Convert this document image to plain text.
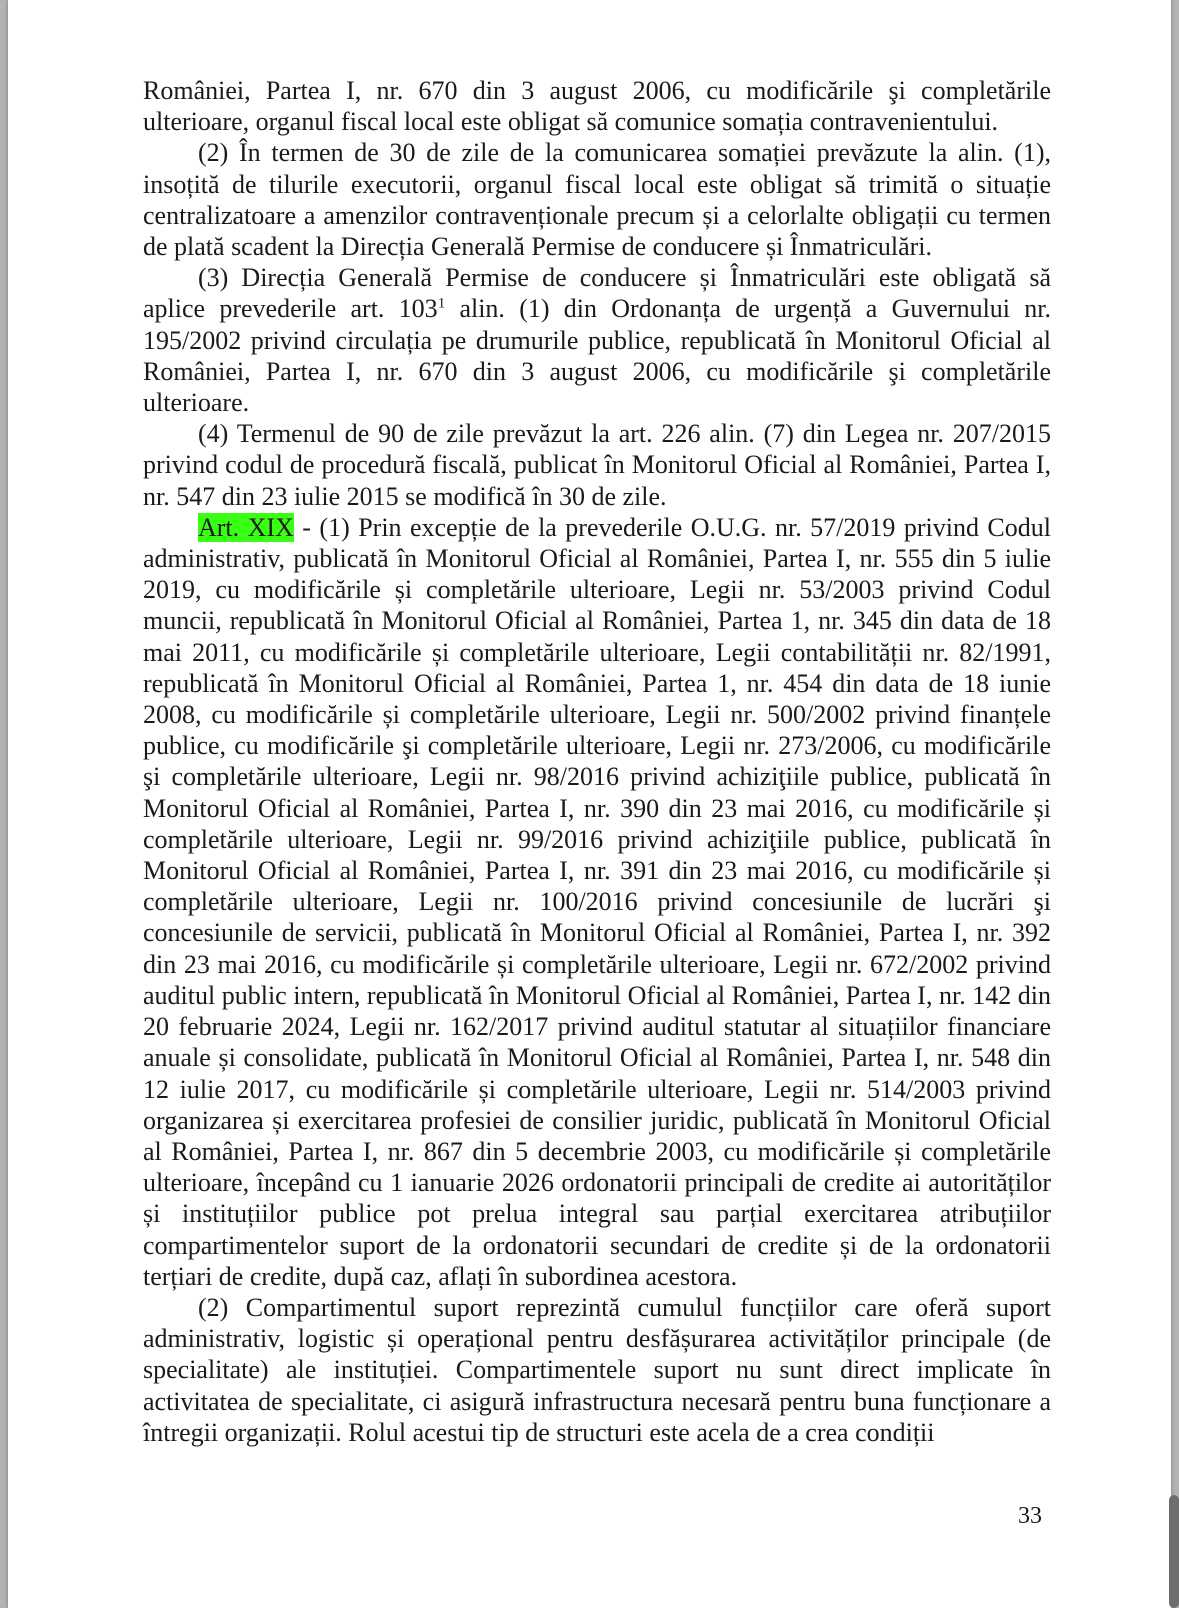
României, Partea I, nr. 670 din 3 august 2006, cu modificările şi completările ulterioare, organul fiscal local este obligat să comunice somația contravenientului.

(2) În termen de 30 de zile de la comunicarea somației prevăzute la alin. (1), insoțită de tilurile executorii, organul fiscal local este obligat să trimită o situație centralizatoare a amenzilor contravenționale precum și a celorlalte obligații cu termen de plată scadent la Direcția Generală Permise de conducere și Înmatriculări.

(3) Direcția Generală Permise de conducere și Înmatriculări este obligată să aplice prevederile art. $103^1$ alin. (1) din Ordonanța de urgență a Guvernului nr. 195/2002 privind circulația pe drumurile publice, republicată în Monitorul Oficial al României, Partea I, nr. 670 din 3 august 2006, cu modificările şi completările ulterioare.

(4) Termenul de 90 de zile prevăzut la art. 226 alin. (7) din Legea nr. 207/2015 privind codul de procedură fiscală, publicat în Monitorul Oficial al României, Partea I, nr. 547 din 23 iulie 2015 se modifică în 30 de zile.

Art. XIX - (1) Prin excepție de la prevederile O.U.G. nr. 57/2019 privind Codul administrativ, publicată în Monitorul Oficial al României, Partea I, nr. 555 din 5 iulie 2019, cu modificările și completările ulterioare, Legii nr. 53/2003 privind Codul muncii, republicată în Monitorul Oficial al României, Partea 1, nr. 345 din data de 18 mai 2011, cu modificările și completările ulterioare, Legii contabilității nr. 82/1991, republicată în Monitorul Oficial al României, Partea 1, nr. 454 din data de 18 iunie 2008, cu modificările și completările ulterioare, Legii nr. 500/2002 privind finanțele publice, cu modificările şi completările ulterioare, Legii nr. 273/2006, cu modificările şi completările ulterioare, Legii nr. 98/2016 privind achiziţiile publice, publicată în Monitorul Oficial al României, Partea I, nr. 390 din 23 mai 2016, cu modificările și completările ulterioare, Legii nr. 99/2016 privind achiziţiile publice, publicată în Monitorul Oficial al României, Partea I, nr. 391 din 23 mai 2016, cu modificările și completările ulterioare, Legii nr. 100/2016 privind concesiunile de lucrări şi concesiunile de servicii, publicată în Monitorul Oficial al României, Partea I, nr. 392 din 23 mai 2016, cu modificările și completările ulterioare, Legii nr. 672/2002 privind auditul public intern, republicată în Monitorul Oficial al României, Partea I, nr. 142 din 20 februarie 2024, Legii nr. 162/2017 privind auditul statutar al situațiilor financiare anuale și consolidate, publicată în Monitorul Oficial al României, Partea I, nr. 548 din 12 iulie 2017, cu modificările și completările ulterioare, Legii nr. 514/2003 privind organizarea și exercitarea profesiei de consilier juridic, publicată în Monitorul Oficial al României, Partea I, nr. 867 din 5 decembrie 2003, cu modificările și completările ulterioare, începând cu 1 ianuarie 2026 ordonatorii principali de credite ai autorităților și instituțiilor publice pot prelua integral sau parțial exercitarea atribuțiilor compartimentelor suport de la ordonatorii secundari de credite și de la ordonatorii terțiari de credite, după caz, aflați în subordinea acestora.

(2) Compartimentul suport reprezintă cumulul funcțiilor care oferă suport administrativ, logistic și operațional pentru desfășurarea activităților principale (de specialitate) ale instituției. Compartimentele suport nu sunt direct implicate în activitatea de specialitate, ci asigură infrastructura necesară pentru buna funcționare a întregii organizații. Rolul acestui tip de structuri este acela de a crea condiții

33
